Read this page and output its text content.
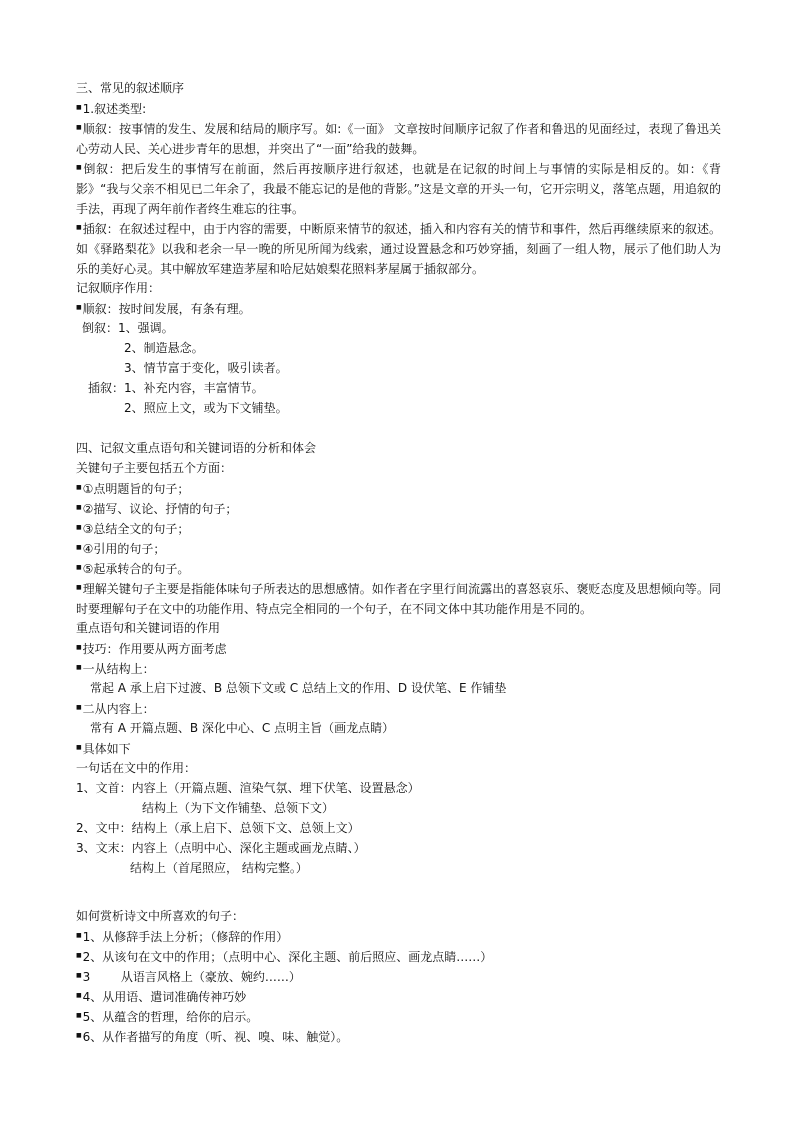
三、常见的叙述顺序
■ 1.叙述类型:
■ 顺叙：按事情的发生、发展和结局的顺序写。如:《一面》 文章按时间顺序记叙了作者和鲁迅的见面经过，表现了鲁迅关心劳动人民、关心进步青年的思想，并突出了“一面”给我的鼓舞。
■ 倒叙：把后发生的事情写在前面，然后再按顺序进行叙述，也就是在记叙的时间上与事情的实际是相反的。如：《背影》“我与父亲不相见已二年余了，我最不能忘记的是他的背影。”这是文章的开头一句，它开宗明义，落笔点题，用追叙的手法，再现了两年前作者终生难忘的往事。
■ 插叙：在叙述过程中，由于内容的需要，中断原来情节的叙述，插入和内容有关的情节和事件，然后再继续原来的叙述。如《驿路梨花》以我和老余一早一晚的所见所闻为线索，通过设置悬念和巧妙穿插，刻画了一组人物，展示了他们助人为乐的美好心灵。其中解放军建造茅屋和哈尼姑娘梨花照料茅屋属于插叙部分。
记叙顺序作用：
■ 顺叙：按时间发展，有条有理。
倒叙：1、强调。
2、制造悬念。
3、情节富于变化，吸引读者。
插叙：1、补充内容，丰富情节。
2、照应上文，或为下文铺垫。
四、记叙文重点语句和关键词语的分析和体会
关键句子主要包括五个方面：
■ ①点明题旨的句子；
■ ②描写、议论、抒情的句子；
■ ③总结全文的句子；
■ ④引用的句子；
■ ⑤起承转合的句子。
■ 理解关键句子主要是指能体味句子所表达的思想感情。如作者在字里行间流露出的喜怒哀乐、褒贬态度及思想倾向等。同时要理解句子在文中的功能作用、特点完全相同的一个句子，在不同文体中其功能作用是不同的。
重点语句和关键词语的作用
■ 技巧：作用要从两方面考虑
■ 一从结构上：
常起 A 承上启下过渡、B 总领下文或 C 总结上文的作用、D 设伏笔、E 作铺垫
■ 二从内容上：
常有 A 开篇点题、B 深化中心、C 点明主旨（画龙点睛）
■ 具体如下
一句话在文中的作用：
1、文首：内容上（开篇点题、渲染气氛、埋下伏笔、设置悬念）
结构上（为下文作铺垫、总领下文）
2、文中：结构上（承上启下、总领下文、总领上文）
3、文末：内容上（点明中心、深化主题或画龙点睛、）
结构上（首尾照应， 结构完整。）
如何赏析诗文中所喜欢的句子：
■ 1、从修辞手法上分析；（修辞的作用）
■ 2、从该句在文中的作用；（点明中心、深化主题、前后照应、画龙点睛……）
■ 3        从语言风格上（豪放、婉约……）
■ 4、从用语、遣词准确传神巧妙
■ 5、从蕴含的哲理，给你的启示。
■ 6、从作者描写的角度（听、视、嗅、味、触觉）。
